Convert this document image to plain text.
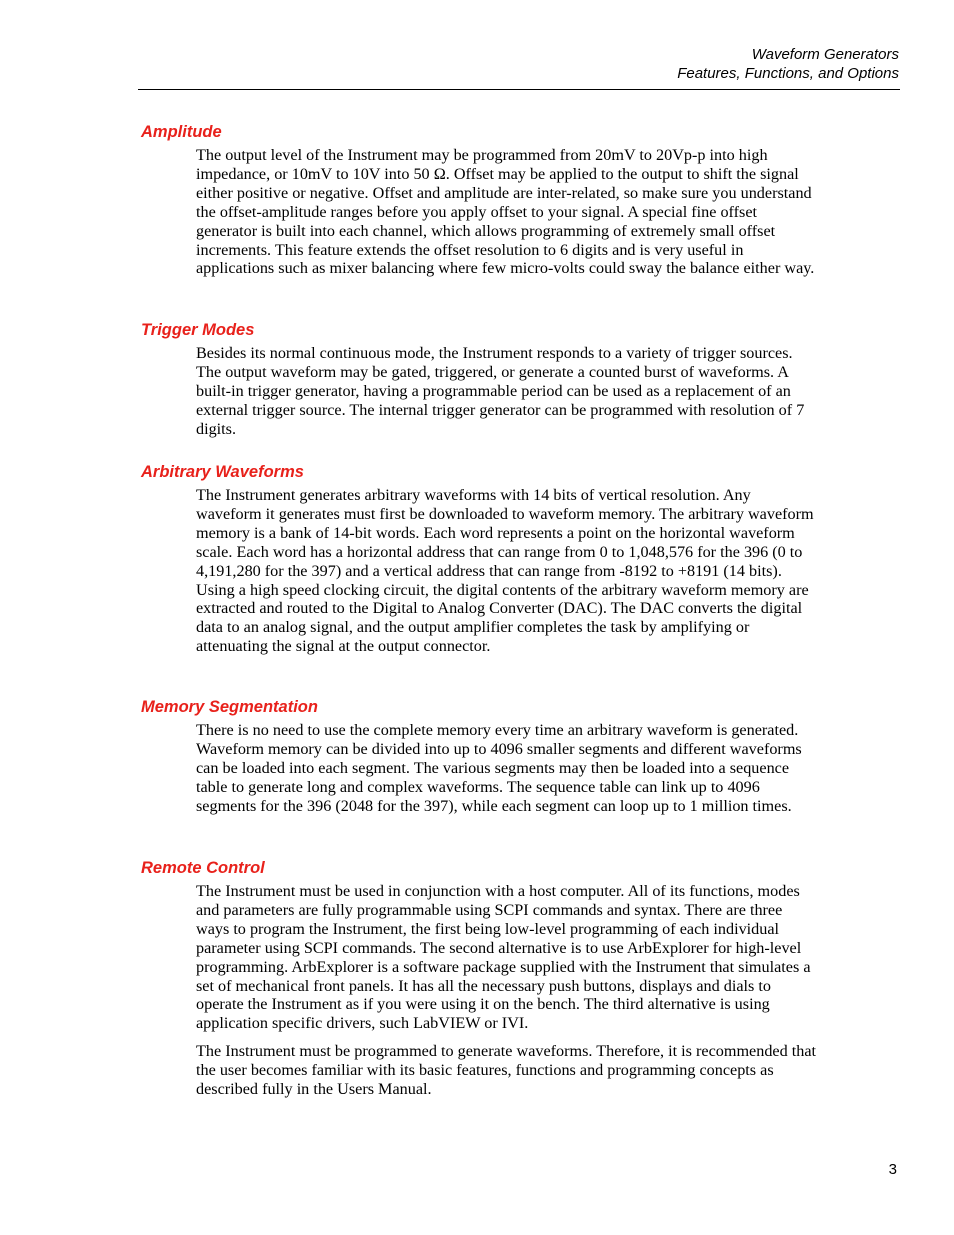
Waveform Generators
Features, Functions, and Options
Amplitude

The output level of the Instrument may be programmed from 20mV to 20Vp-p into high impedance, or 10mV to 10V into 50 Ω. Offset may be applied to the output to shift the signal either positive or negative. Offset and amplitude are inter-related, so make sure you understand the offset-amplitude ranges before you apply offset to your signal. A special fine offset generator is built into each channel, which allows programming of extremely small offset increments. This feature extends the offset resolution to 6 digits and is very useful in applications such as mixer balancing where few micro-volts could sway the balance either way.

Trigger Modes

Besides its normal continuous mode, the Instrument responds to a variety of trigger sources. The output waveform may be gated, triggered, or generate a counted burst of waveforms. A built-in trigger generator, having a programmable period can be used as a replacement of an external trigger source. The internal trigger generator can be programmed with resolution of 7 digits.

Arbitrary Waveforms

The Instrument generates arbitrary waveforms with 14 bits of vertical resolution. Any waveform it generates must first be downloaded to waveform memory. The arbitrary waveform memory is a bank of 14-bit words. Each word represents a point on the horizontal waveform scale. Each word has a horizontal address that can range from 0 to 1,048,576 for the 396 (0 to 4,191,280 for the 397) and a vertical address that can range from -8192 to +8191 (14 bits). Using a high speed clocking circuit, the digital contents of the arbitrary waveform memory are extracted and routed to the Digital to Analog Converter (DAC). The DAC converts the digital data to an analog signal, and the output amplifier completes the task by amplifying or attenuating the signal at the output connector.

Memory Segmentation

There is no need to use the complete memory every time an arbitrary waveform is generated. Waveform memory can be divided into up to 4096 smaller segments and different waveforms can be loaded into each segment. The various segments may then be loaded into a sequence table to generate long and complex waveforms. The sequence table can link up to 4096 segments for the 396 (2048 for the 397), while each segment can loop up to 1 million times.

Remote Control

The Instrument must be used in conjunction with a host computer. All of its functions, modes and parameters are fully programmable using SCPI commands and syntax. There are three ways to program the Instrument, the first being low-level programming of each individual parameter using SCPI commands. The second alternative is to use ArbExplorer for high-level programming. ArbExplorer is a software package supplied with the Instrument that simulates a set of mechanical front panels. It has all the necessary push buttons, displays and dials to operate the Instrument as if you were using it on the bench. The third alternative is using application specific drivers, such LabVIEW or IVI.

The Instrument must be programmed to generate waveforms. Therefore, it is recommended that the user becomes familiar with its basic features, functions and programming concepts as described fully in the Users Manual.

3
